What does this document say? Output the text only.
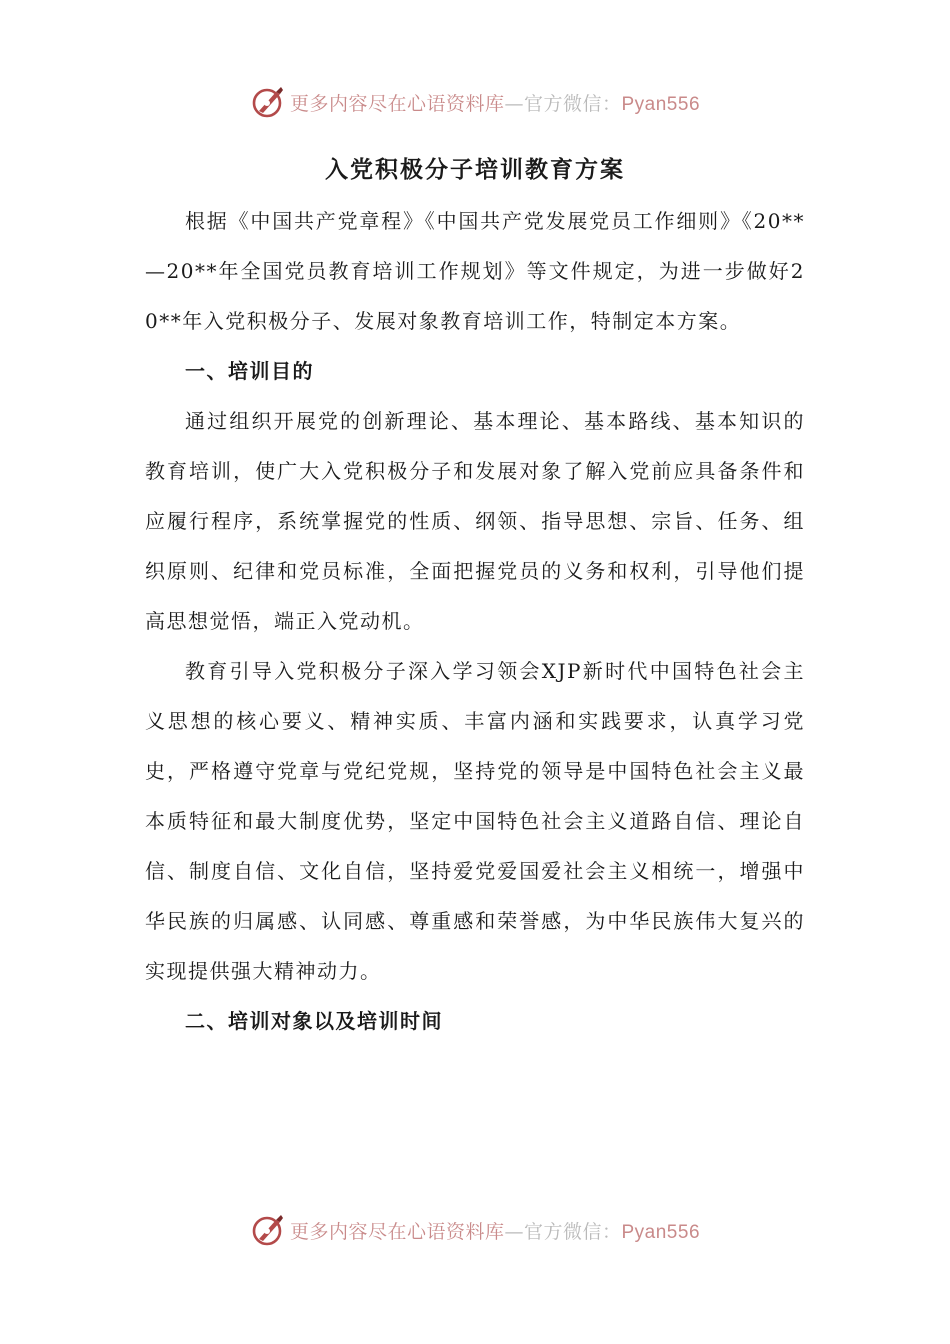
更多内容尽在心语资料库—官方微信：Pyan556
入党积极分子培训教育方案

根据《中国共产党章程》《中国共产党发展党员工作细则》《20**—20**年全国党员教育培训工作规划》等文件规定，为进一步做好20**年入党积极分子、发展对象教育培训工作，特制定本方案。

一、培训目的

通过组织开展党的创新理论、基本理论、基本路线、基本知识的教育培训，使广大入党积极分子和发展对象了解入党前应具备条件和应履行程序，系统掌握党的性质、纲领、指导思想、宗旨、任务、组织原则、纪律和党员标准，全面把握党员的义务和权利，引导他们提高思想觉悟，端正入党动机。

教育引导入党积极分子深入学习领会XJP新时代中国特色社会主义思想的核心要义、精神实质、丰富内涵和实践要求，认真学习党史，严格遵守党章与党纪党规，坚持党的领导是中国特色社会主义最本质特征和最大制度优势，坚定中国特色社会主义道路自信、理论自信、制度自信、文化自信，坚持爱党爱国爱社会主义相统一，增强中华民族的归属感、认同感、尊重感和荣誉感，为中华民族伟大复兴的实现提供强大精神动力。

二、培训对象以及培训时间

更多内容尽在心语资料库—官方微信：Pyan556
